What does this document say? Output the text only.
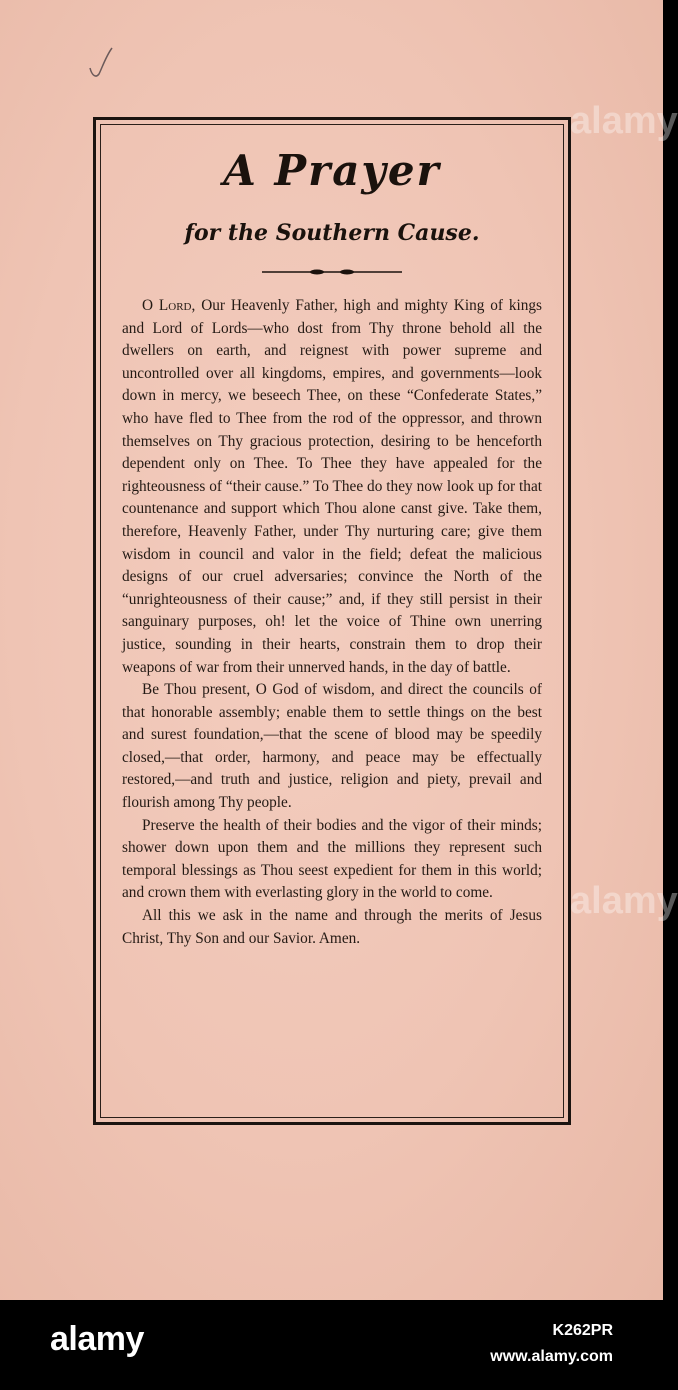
A Prayer
for the Southern Cause.

O Lord, Our Heavenly Father, high and mighty King of kings and Lord of Lords—who dost from Thy throne behold all the dwellers on earth, and reignest with power supreme and uncontrolled over all kingdoms, empires, and governments—look down in mercy, we beseech Thee, on these “Confederate States,” who have fled to Thee from the rod of the oppressor, and thrown themselves on Thy gracious protection, desiring to be henceforth dependent only on Thee. To Thee they have appealed for the righteousness of “their cause.” To Thee do they now look up for that countenance and support which Thou alone canst give. Take them, therefore, Heavenly Father, under Thy nurturing care; give them wisdom in council and valor in the field; defeat the malicious designs of our cruel adversaries; convince the North of the “unrighteousness of their cause;” and, if they still persist in their sanguinary purposes, oh! let the voice of Thine own unerring justice, sounding in their hearts, constrain them to drop their weapons of war from their unnerved hands, in the day of battle.

Be Thou present, O God of wisdom, and direct the councils of that honorable assembly; enable them to settle things on the best and surest foundation,—that the scene of blood may be speedily closed,—that order, harmony, and peace may be effectually restored,—and truth and justice, religion and piety, prevail and flourish among Thy people.

Preserve the health of their bodies and the vigor of their minds; shower down upon them and the millions they represent such temporal blessings as Thou seest expedient for them in this world; and crown them with everlasting glory in the world to come.

All this we ask in the name and through the merits of Jesus Christ, Thy Son and our Savior. Amen.

alamy
alamy
alamy	K262PR
www.alamy.com
